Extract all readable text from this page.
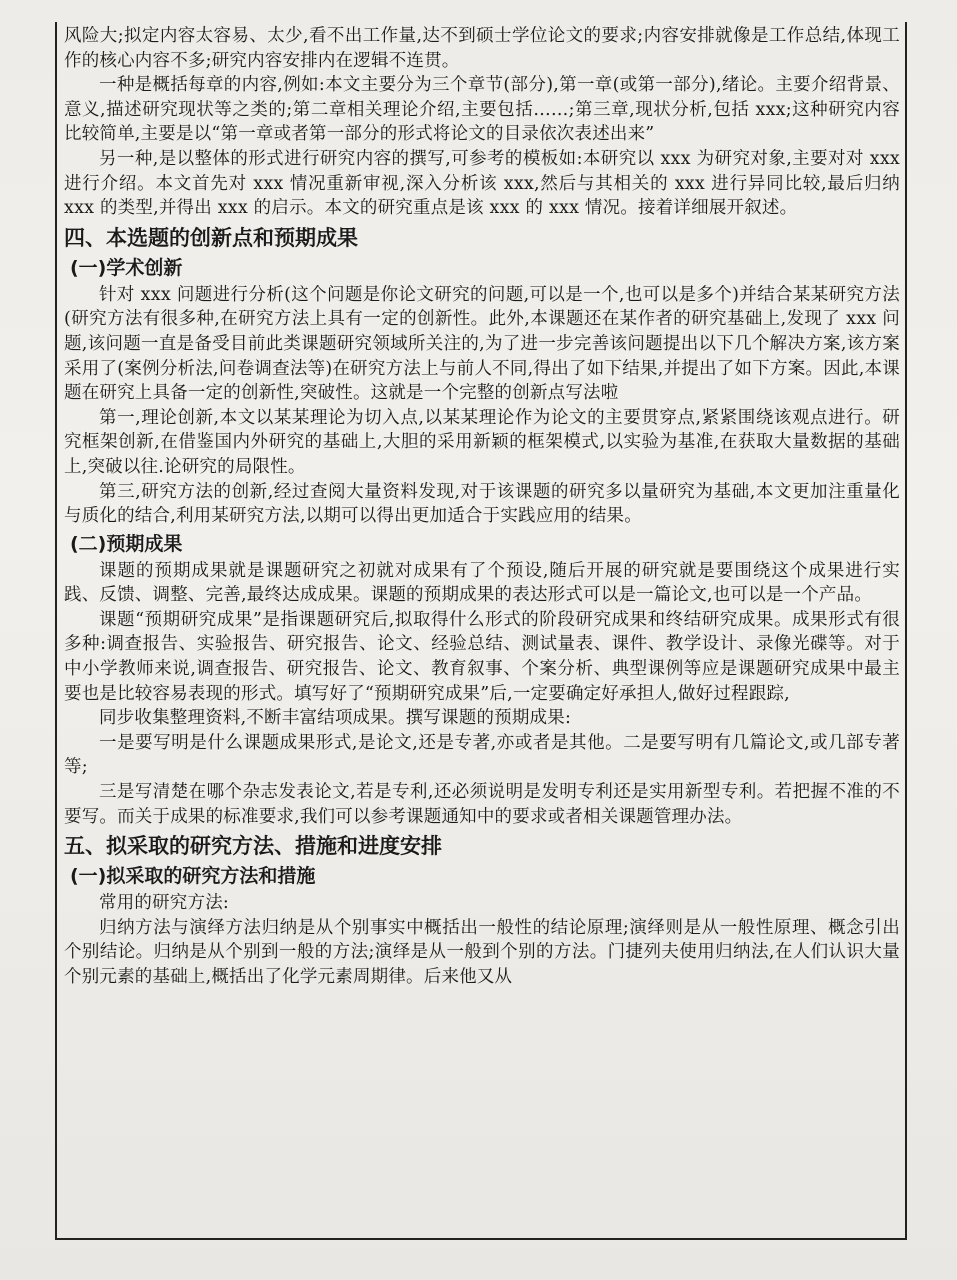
风险大;拟定内容太容易、太少,看不出工作量,达不到硕士学位论文的要求;内容安排就像是工作总结,体现工作的核心内容不多;研究内容安排内在逻辑不连贯。

一种是概括每章的内容,例如:本文主要分为三个章节(部分),第一章(或第一部分),绪论。主要介绍背景、意义,描述研究现状等之类的;第二章相关理论介绍,主要包括……;第三章,现状分析,包括 xxx;这种研究内容比较简单,主要是以“第一章或者第一部分的形式将论文的目录依次表述出来”

另一种,是以整体的形式进行研究内容的撰写,可参考的模板如:本研究以 xxx 为研究对象,主要对对 xxx 进行介绍。本文首先对 xxx 情况重新审视,深入分析该 xxx,然后与其相关的 xxx 进行异同比较,最后归纳 xxx 的类型,并得出 xxx 的启示。本文的研究重点是该 xxx 的 xxx 情况。接着详细展开叙述。

四、本选题的创新点和预期成果
(一)学术创新

针对 xxx 问题进行分析(这个问题是你论文研究的问题,可以是一个,也可以是多个)并结合某某研究方法(研究方法有很多种,在研究方法上具有一定的创新性。此外,本课题还在某作者的研究基础上,发现了 xxx 问题,该问题一直是备受目前此类课题研究领域所关注的,为了进一步完善该问题提出以下几个解决方案,该方案采用了(案例分析法,问卷调查法等)在研究方法上与前人不同,得出了如下结果,并提出了如下方案。因此,本课题在研究上具备一定的创新性,突破性。这就是一个完整的创新点写法啦

第一,理论创新,本文以某某理论为切入点,以某某理论作为论文的主要贯穿点,紧紧围绕该观点进行。研究框架创新,在借鉴国内外研究的基础上,大胆的采用新颖的框架模式,以实验为基准,在获取大量数据的基础上,突破以往.论研究的局限性。

第三,研究方法的创新,经过查阅大量资料发现,对于该课题的研究多以量研究为基础,本文更加注重量化与质化的结合,利用某研究方法,以期可以得出更加适合于实践应用的结果。

(二)预期成果

课题的预期成果就是课题研究之初就对成果有了个预设,随后开展的研究就是要围绕这个成果进行实践、反馈、调整、完善,最终达成成果。课题的预期成果的表达形式可以是一篇论文,也可以是一个产品。

课题“预期研究成果”是指课题研究后,拟取得什么形式的阶段研究成果和终结研究成果。成果形式有很多种:调查报告、实验报告、研究报告、论文、经验总结、测试量表、课件、教学设计、录像光碟等。对于中小学教师来说,调查报告、研究报告、论文、教育叙事、个案分析、典型课例等应是课题研究成果中最主要也是比较容易表现的形式。填写好了“预期研究成果”后,一定要确定好承担人,做好过程跟踪,

同步收集整理资料,不断丰富结项成果。撰写课题的预期成果:

一是要写明是什么课题成果形式,是论文,还是专著,亦或者是其他。二是要写明有几篇论文,或几部专著等;

三是写清楚在哪个杂志发表论文,若是专利,还必须说明是发明专利还是实用新型专利。若把握不准的不要写。而关于成果的标准要求,我们可以参考课题通知中的要求或者相关课题管理办法。

五、拟采取的研究方法、措施和进度安排
(一)拟采取的研究方法和措施

常用的研究方法:

归纳方法与演绎方法归纳是从个别事实中概括出一般性的结论原理;演绎则是从一般性原理、概念引出个别结论。归纳是从个别到一般的方法;演绎是从一般到个别的方法。门捷列夫使用归纳法,在人们认识大量个别元素的基础上,概括出了化学元素周期律。后来他又从
